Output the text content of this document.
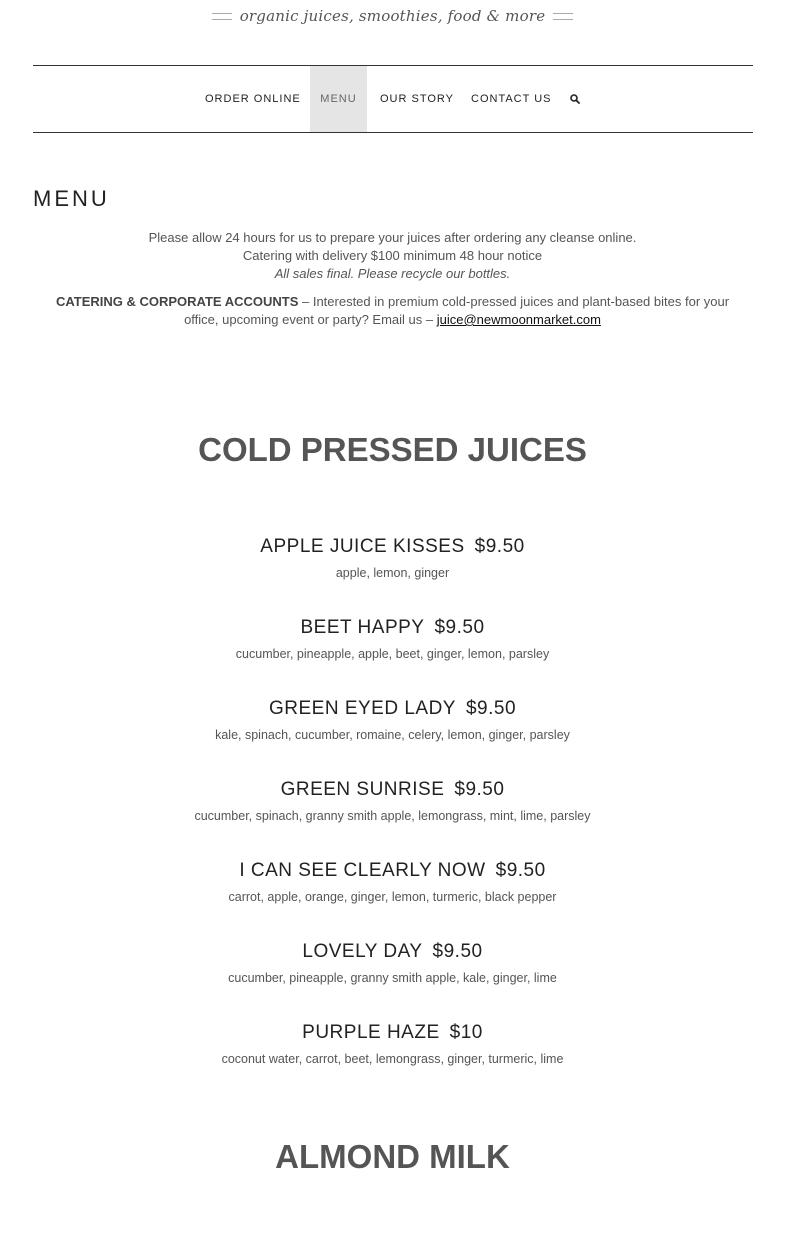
organic juices, smoothies, food & more
ORDER ONLINE	MENU	OUR STORY CONTACT US
MENU
Please allow 24 hours for us to prepare your juices after ordering any cleanse online.
Catering with delivery $100 minimum 48 hour notice
All sales final. Please recycle our bottles.
CATERING & CORPORATE ACCOUNTS – Interested in premium cold-pressed juices and plant-based bites for your office, upcoming event or party? Email us – juice@newmoonmarket.com
COLD PRESSED JUICES
APPLE JUICE KISSES $9.50
apple, lemon, ginger
BEET HAPPY $9.50
cucumber, pineapple, apple, beet, ginger, lemon, parsley
GREEN EYED LADY $9.50
kale, spinach, cucumber, romaine, celery, lemon, ginger, parsley
GREEN SUNRISE $9.50
cucumber, spinach, granny smith apple, lemongrass, mint, lime, parsley
I CAN SEE CLEARLY NOW $9.50
carrot, apple, orange, ginger, lemon, turmeric, black pepper
LOVELY DAY $9.50
cucumber, pineapple, granny smith apple, kale, ginger, lime
PURPLE HAZE $10
coconut water, carrot, beet, lemongrass, ginger, turmeric, lime
ALMOND MILK
